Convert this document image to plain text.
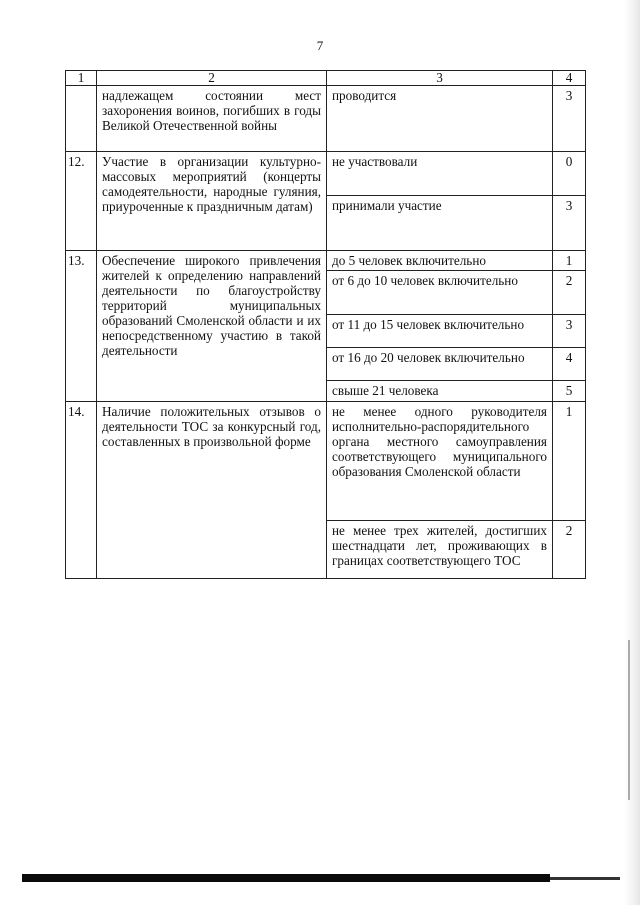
7
1	2	3	4
	надлежащем состоянии мест захоронения воинов, погибших в годы Великой Отечественной войны	проводится	3
12.	Участие в организации культурно-массовых мероприятий (концерты самодеятельности, народные гуляния, приуроченные к праздничным датам)	не участвовали	0
		принимали участие	3
13.	Обеспечение широкого привлечения жителей к определению направлений деятельности по благоустройству территорий муниципальных образований Смоленской области и их непосредственному участию в такой деятельности	до 5 человек включительно	1
		от 6 до 10 человек включительно	2
		от 11 до 15 человек включительно	3
		от 16 до 20 человек включительно	4
		свыше 21 человека	5
14.	Наличие положительных отзывов о деятельности ТОС за конкурсный год, составленных в произвольной форме	не менее одного руководителя исполнительно-распорядительного органа местного самоуправления соответствующего муниципального образования Смоленской области	1
		не менее трех жителей, достигших шестнадцати лет, проживающих в границах соответствующего ТОС	2
